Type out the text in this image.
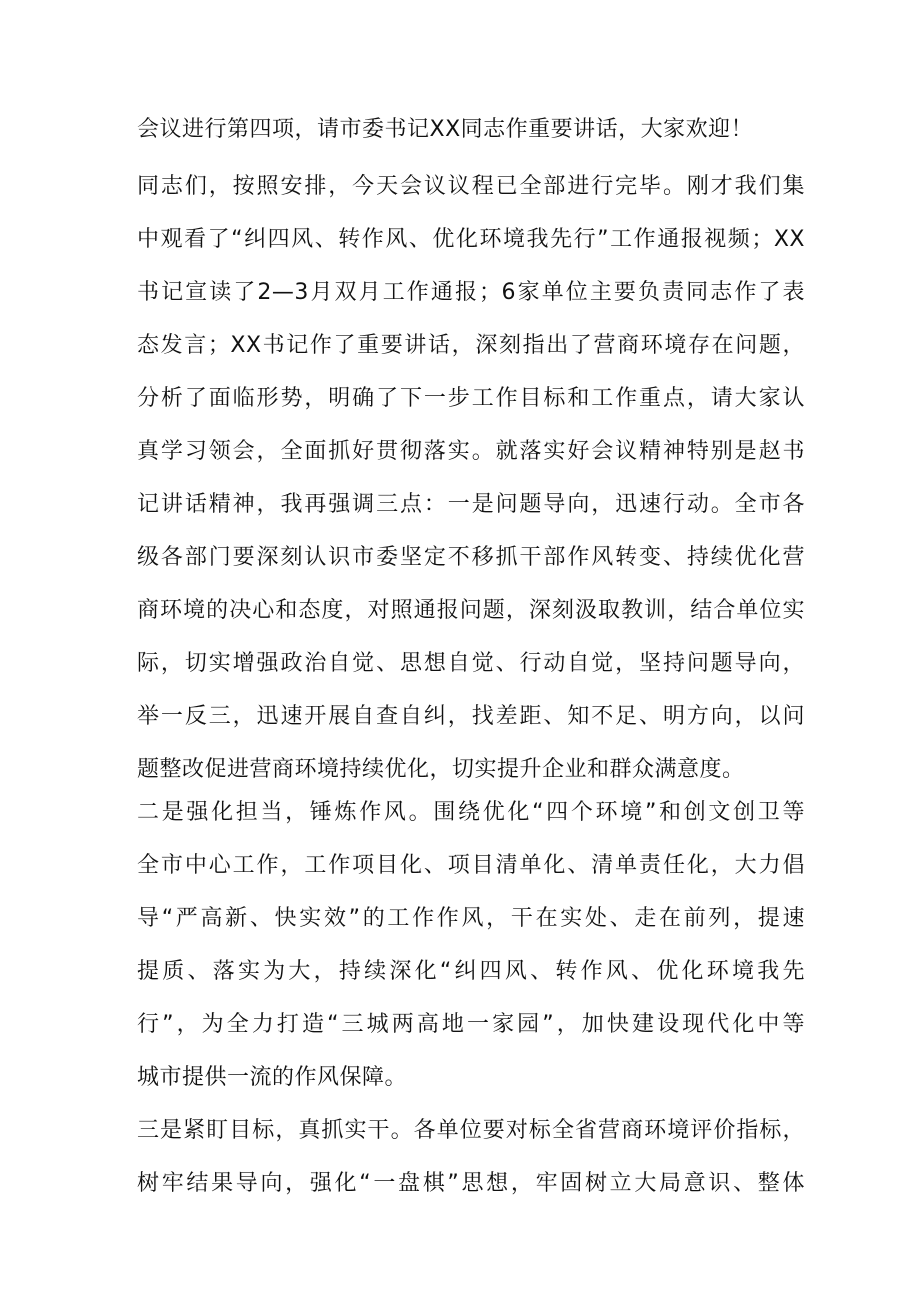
会议进行第四项，请市委书记XX同志作重要讲话，大家欢迎！
同志们，按照安排，今天会议议程已全部进行完毕。刚才我们集
中观看了“纠四风、转作风、优化环境我先行”工作通报视频；XX
书记宣读了2—3月双月工作通报；6家单位主要负责同志作了表
态发言；XX书记作了重要讲话，深刻指出了营商环境存在问题，
分析了面临形势，明确了下一步工作目标和工作重点，请大家认
真学习领会，全面抓好贯彻落实。就落实好会议精神特别是赵书
记讲话精神，我再强调三点：一是问题导向，迅速行动。全市各
级各部门要深刻认识市委坚定不移抓干部作风转变、持续优化营
商环境的决心和态度，对照通报问题，深刻汲取教训，结合单位实
际，切实增强政治自觉、思想自觉、行动自觉，坚持问题导向，
举一反三，迅速开展自查自纠，找差距、知不足、明方向，以问
题整改促进营商环境持续优化，切实提升企业和群众满意度。
二是强化担当，锤炼作风。围绕优化“四个环境”和创文创卫等
全市中心工作，工作项目化、项目清单化、清单责任化，大力倡
导“严高新、快实效”的工作作风，干在实处、走在前列，提速
提质、落实为大，持续深化“纠四风、转作风、优化环境我先
行”，为全力打造“三城两高地一家园”，加快建设现代化中等
城市提供一流的作风保障。
三是紧盯目标，真抓实干。各单位要对标全省营商环境评价指标，
树牢结果导向，强化“一盘棋”思想，牢固树立大局意识、整体
